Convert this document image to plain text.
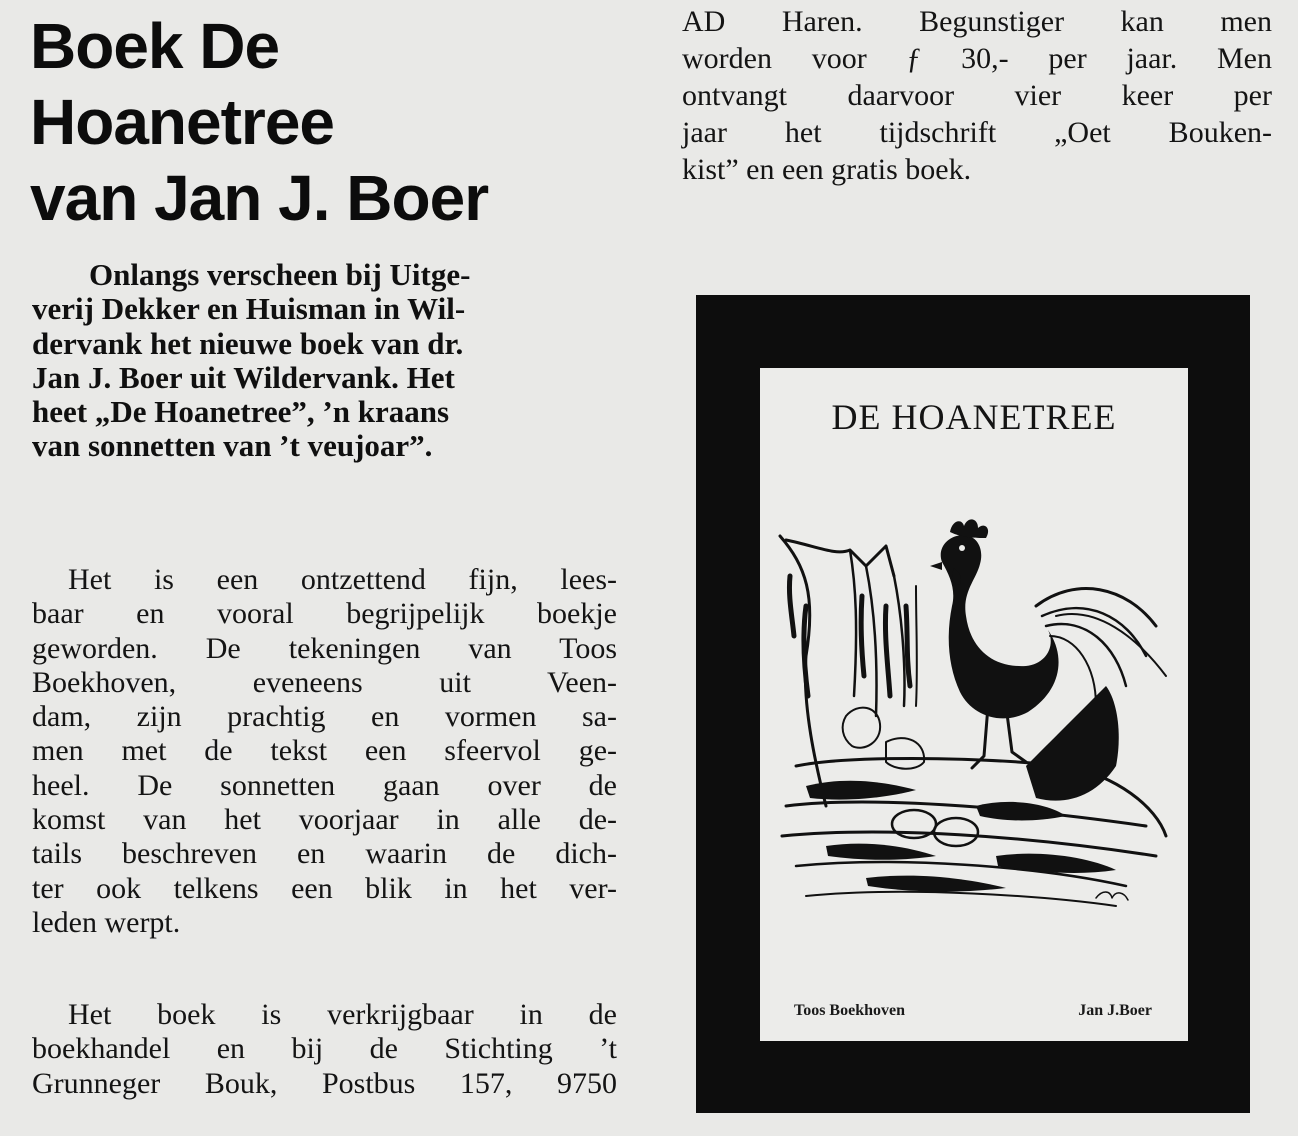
Boek De
Hoanetree
van Jan J. Boer

Onlangs verscheen bij Uitge-
verij Dekker en Huisman in Wil-
dervank het nieuwe boek van dr.
Jan J. Boer uit Wildervank. Het
heet „De Hoanetree”, ’n kraans
van sonnetten van ’t veujoar”.

Het is een ontzettend fijn, lees-
baar en vooral begrijpelijk boekje
geworden. De tekeningen van Toos
Boekhoven, eveneens uit Veen-
dam, zijn prachtig en vormen sa-
men met de tekst een sfeervol ge-
heel. De sonnetten gaan over de
komst van het voorjaar in alle de-
tails beschreven en waarin de dich-
ter ook telkens een blik in het ver-
leden werpt.

Het boek is verkrijgbaar in de
boekhandel en bij de Stichting ’t
Grunneger Bouk, Postbus 157, 9750

AD Haren. Begunstiger kan men
worden voor ƒ 30,- per jaar. Men
ontvangt daarvoor vier keer per
jaar het tijdschrift „Oet Bouken-
kist” en een gratis boek.

DE HOANETREE
Toos Boekhoven	Jan J.Boer
